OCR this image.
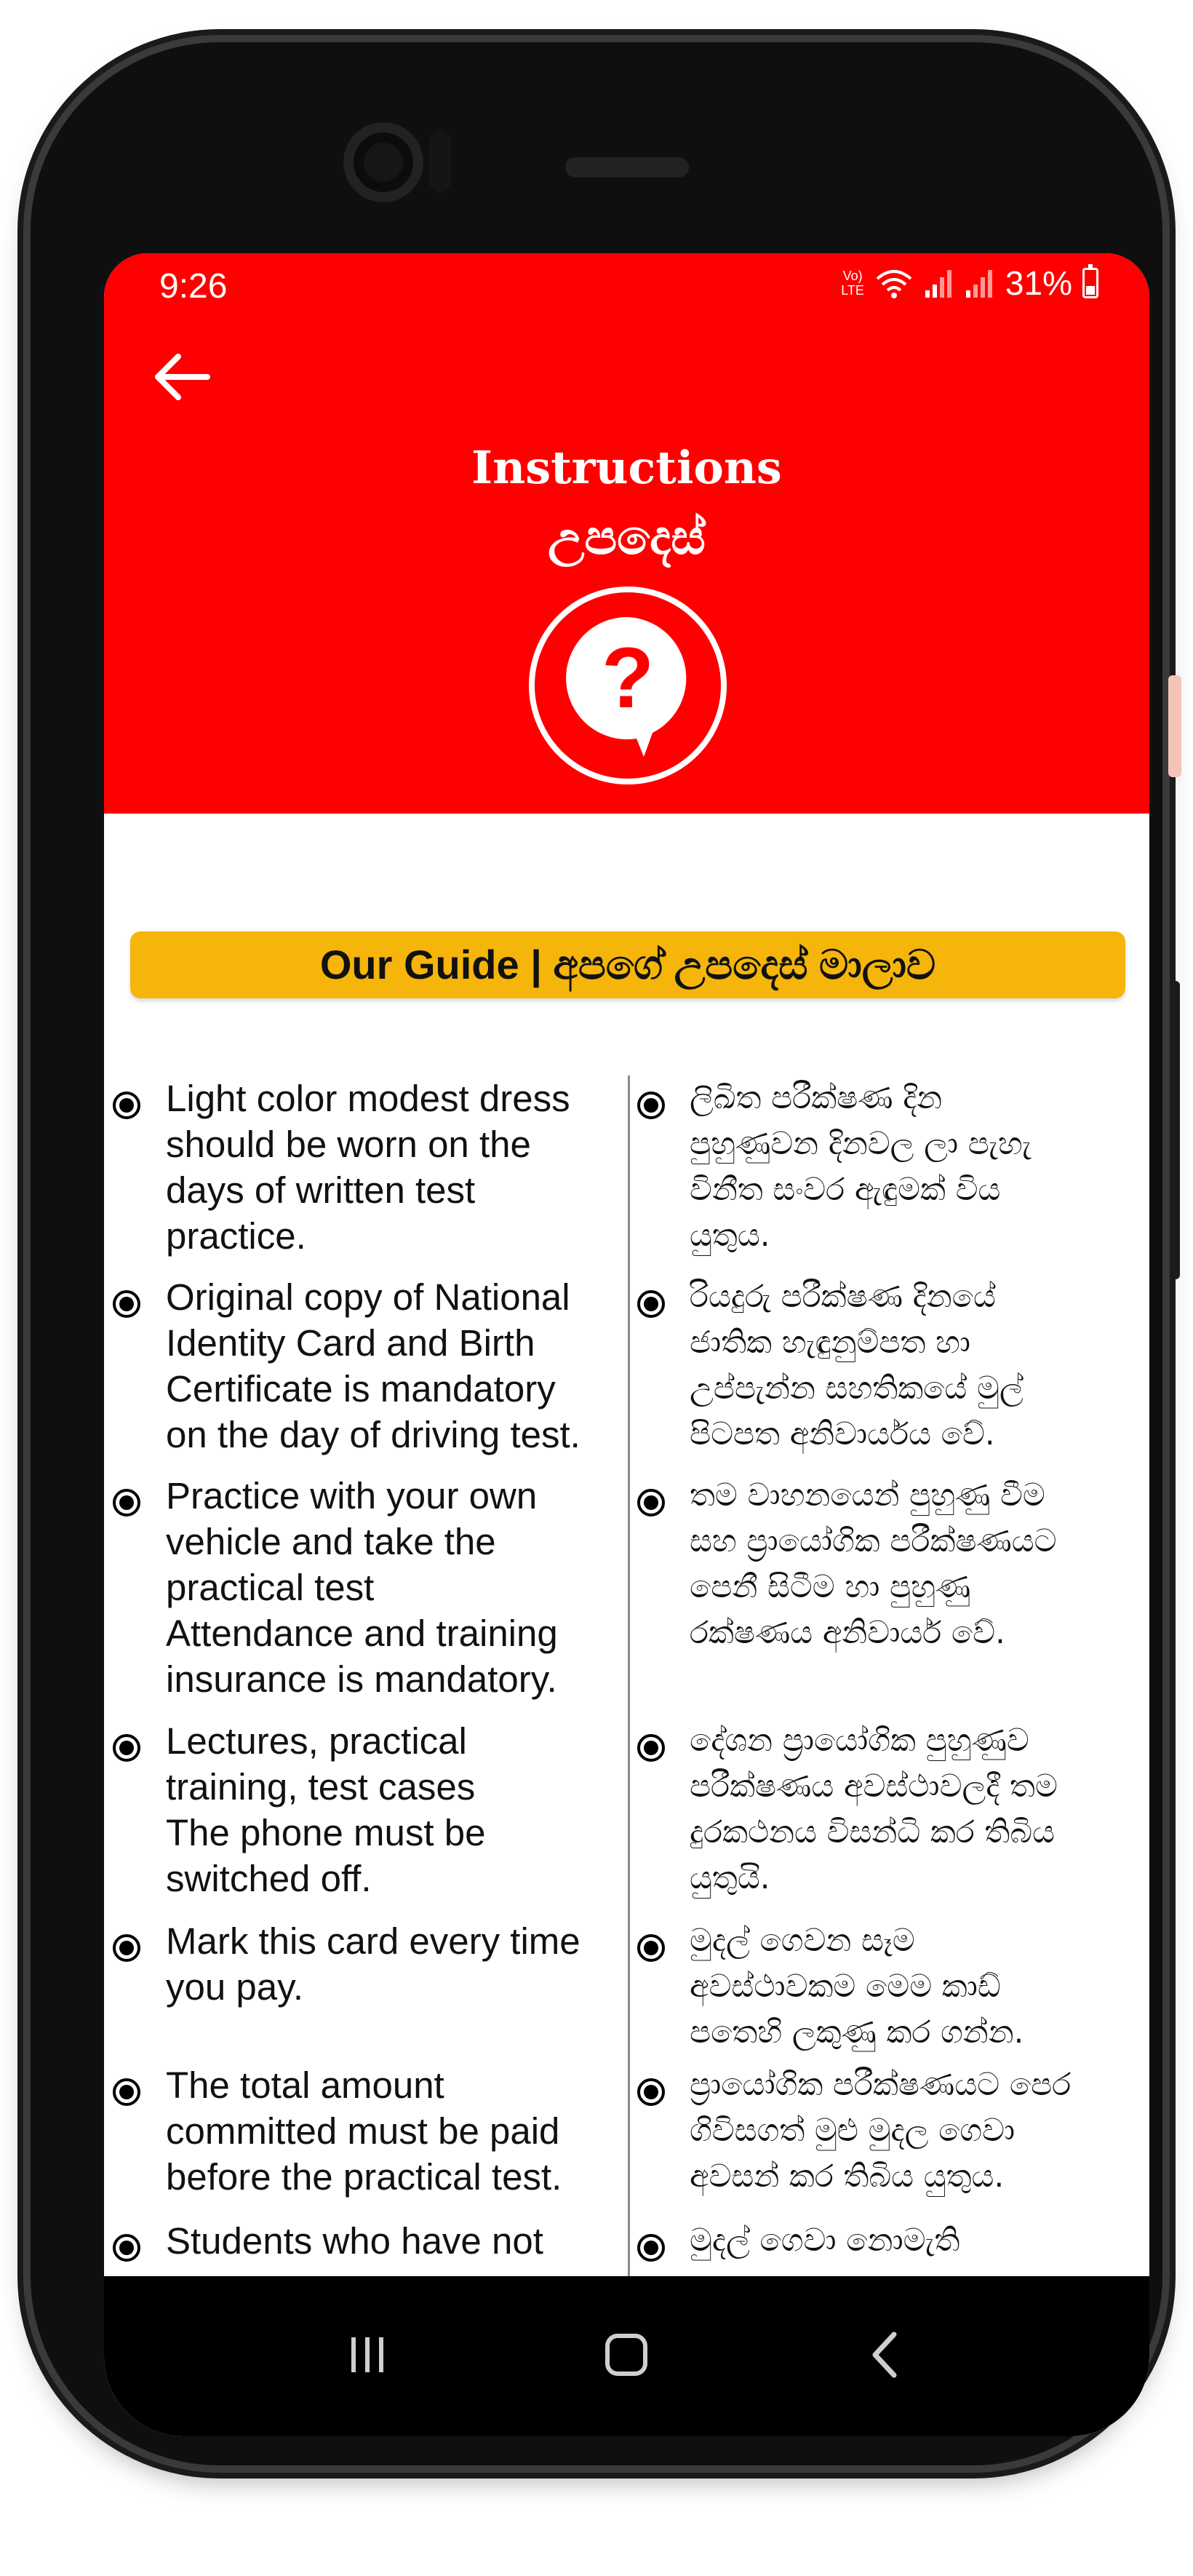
9:26	Vo)
LTE	31%
Instructions
උපදෙස්
?
Our Guide | අපගේ උපදෙස් මාලාව
Light color modest dress
should be worn on the
days of written test
practice.
ලිඛිත පරීක්ෂණ දින
පුහුණුවන දිනවල ලා පැහැ
විනීත සංවර ඇඳුමක් විය
යුතුය.
Original copy of National
Identity Card and Birth
Certificate is mandatory
on the day of driving test.
රියදුරු පරීක්ෂණ දිනයේ
ජාතික හැඳුනුම්පත හා
උප්පැන්න සහතිකයේ මුල්
පිටපත අනිවාර්යය වේ.
Practice with your own
vehicle and take the
practical test
Attendance and training
insurance is mandatory.
තම වාහනයෙන් පුහුණු වීම
සහ ප්‍රායෝගික පරීක්ෂණයට
පෙනී සිටීම හා පුහුණු
රක්ෂණය අනිවාර්ය වේ.
Lectures, practical
training, test cases
The phone must be
switched off.
දේශන ප්‍රායෝගික පුහුණුව
පරීක්ෂණය අවස්ථාවලදී තම
දුරකථනය විසන්ධි කර තිබිය
යුතුයි.
Mark this card every time
you pay.
මුදල් ගෙවන සෑම
අවස්ථාවකම මෙම කාඩ්
පතෙහි ලකුණු කර ගන්න.
The total amount
committed must be paid
before the practical test.
ප්‍රායෝගික පරීක්ෂණයට පෙර
ගිවිසගත් මුළු මුදල ගෙවා
අවසන් කර තිබිය යුතුය.
Students who have not	මුදල් ගෙවා නොමැති
